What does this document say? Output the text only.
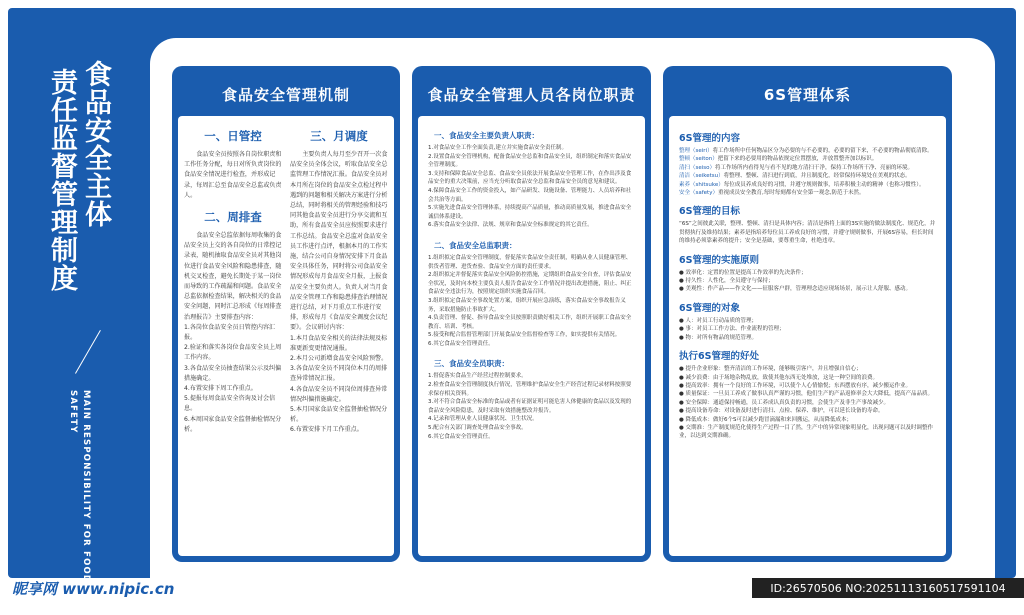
食品安全主体
责任监督管理制度
MAIN RESPONSIBILITY FOR FOOD SAFETY
食品安全管理机制
一、日管控
食品安全员按照各自岗位职责和工作任务分配，每日对所负责岗位的食品安全情况进行检查，并形成记录，每周汇总至食品安全总监或负责人。
二、周排查
食品安全总监依据每周收集的食品安全员上交的各自岗位的日常控记录表，随机抽取食品安全员对其他岗位进行食品安全风险和隐患排查，随机交叉检查，避免长期处于某一岗位而导致的工作疏漏和问题。食品安全总监依据检查结果，解决相关的食品安全问题，同时汇总形成《每周排查治理报告》主要排查内容：
1.各岗位食品安全员日管控内容汇报。
2.验证和落实各岗位食品安全员上周工作内容。
3.各食品安全员抽查结果公示及纠偏措施确定。
4.布置安排下周工作重点。
5.提报每周食品安全咨询及讨会信息。
6.本周国家食品安全监督抽检情况分析。
三、月调度
主要负责人每月至少召开一次食品安全员全体会议，听取食品安全总监管理工作情况汇报。食品安全员对本月所在岗位的食品安全点检过程中遇到的问题和相关解决方案进行分析总结，同时将相关的管理经验和技巧同其他食品安全员进行分享交流和互助，所有食品安全员应按照要求进行工作总结。食品安全总监对食品安全员工作进行点评，根据本月的工作实施，结合公司自身情况安排下月食品安全具体任务，同时将公司食品安全情况形成每月食品安全月报，上报食品安全主要负责人。负责人对当月食品安全管理工作和隐患排查治理情况进行总结，对下月重点工作进行安排，形成每月《食品安全调度会议纪要》。会议研讨内容：
1.本月食品安全相关的法律法规及标准更新变更情况通报。
2.本月公司新增食品安全风险预警。
3.各食品安全员不同岗位本月的周排查异常情况汇报。
4.各食品安全员不同岗位周排查异常情况纠偏措施确定。
5.本月国家食品安全监督抽检情况分析。
6.布置安排下月工作重点。
食品安全管理人员各岗位职责
一、食品安全主要负责人职责：
1.对食品安全工作全面负责,建立并实施食品安全责任制。
2.设置食品安全管理机构，配备食品安全总监和食品安全员，组织制定和落实食品安全管理制度。
3.支持和保障食品安全总监、食品安全员依法开展食品安全管理工作，在作出涉及食品安全的重大决策前，应当充分听取食品安全总监和食品安全员的意见和建议。
4.保障食品安全工作的资金投入，如产品研发、设施设备、管理能力、人员培养和社会共治等方面。
5.实施先进食品安全管理体系，持续提高产品质量，推动高质量发展，推进食品安全诚信体系建设。
6.落实食品安全法律、法规、规章和食品安全标准规定的其它责任。
二、食品安全总监职责：
1.组织拟定食品安全管理制度，督促落实食品安全责任制，明确从业人员健康管理、供货者管理、进货查验、食品安全方面的责任要求。
2.组织拟定并督促落实食品安全风险防控措施，定期组织食品安全自查，评估食品安全状况，及时向本校主要负责人报告食品安全工作情况并提出改进措施，阻止、纠正食品安全违法行为，按照规定组织实施食品召回。
3.组织拟定食品安全事故处置方案，组织开展应急演练，落实食品安全事故报告义务，采取措施防止事故扩大。
4.负责管理、督促、指导食品安全员按照职责做好相关工作，组织开展职工食品安全教育、培训、考核。
5.接受和配合监督管理部门开展食品安全监督检查等工作，如实提供有关情况。
6.其它食品安全管理责任。
三、食品安全员职责：
1.督促落实食品生产经营过程控制要求。
2.检查食品安全管理制度执行情况，管理维护食品安全生产经营过程记录材料按照要求保存相关资料。
3.对不符合食品安全标准的食品或者有证据证明可能危害人体健康的食品以及发现的食品安全风险隐患，及时采取有效措施整改并报告。
4.记录和管理从业人员健康状况、卫生状况。
5.配合有关部门调查处理食品安全事故。
6.其它食品安全管理责任。
6S管理体系
6S管理的内容
整理（seiri）将工作场所中任何物品区分为必要的与不必要的，必要的留下来，不必要的物品彻底清除。
整顿（seiton）把留下来的必要用的物品依规定位置摆放，并放置整齐加以标识。
清扫（seiso）将工作场所内看得见与看不见的地方清扫干净，保持工作场所干净、亮丽的环境。
清洁（seiketsu）将整理、整顿、清扫进行到底，并且制度化，经常保持环境处在美观的状态。
素养（shitsuke）每位成员养成良好的习惯，并遵守规则做事，培养积极主动的精神（也称习惯性）。
安全（safety）重视成员安全教育,每时每刻都有安全第一观念,防范于未然。
6S管理的目标
“6S”之间彼此关联，整理、整顿、清扫是具体内容；清洁是指将上面的3S实施的做法制度化、规范化，并贯彻执行及维持结果；素养是指培养每位员工养成良好的习惯，并遵守规则做事，开展6S容易，但长时间的维持必须靠素养的提升；安全是基础，要尊重生命，杜绝违章。
6S管理的实施原则
● 效率化：定置的位置是提高工作效率的先决条件；
● 持久性：人性化，全员遵守与保持；
● 美观性：作产品——作文化——征服客户群，管理理念适应现场场景，展示让人舒服、感动。
6S管理的对象
● 人：对员工行动品质的管理；
● 事：对员工工作方法、作业流程的管理；
● 物：对所有物品的规范管理。
执行6S管理的好处
● 提升企业形象：整齐清洁的工作环境，能够吸引客户，并且增强自信心；
● 减少浪费：由于场地杂物乱放，致使其他东西无处堆放，这是一种空间的浪费。
● 提高效率：拥有一个良好的工作环境，可以使个人心情愉悦；东西摆放有序，减少搬运作业。
● 质量保证：一旦员工养成了做事认真严谨的习惯，他们生产的产品返修率会大大降低，提高产品品质。
● 安全保障：通道保持畅通，员工养成认真负责的习惯，会使生产及非生产事故减少。
● 提高设备寿命：对设备及时进行清扫、点检、保养、维护，可以延长设备的寿命。
● 降低成本：做好6个S可以减少跑冒滴漏和来回搬运，从而降低成本；
● 交期准：生产制度规范化使得生产过程一目了然，生产中的异常现象明显化，出现问题可以及时调整作业，以达到交期准确。
昵享网 www.nipic.cn	ID:26570506 NO:20251113160517591104
